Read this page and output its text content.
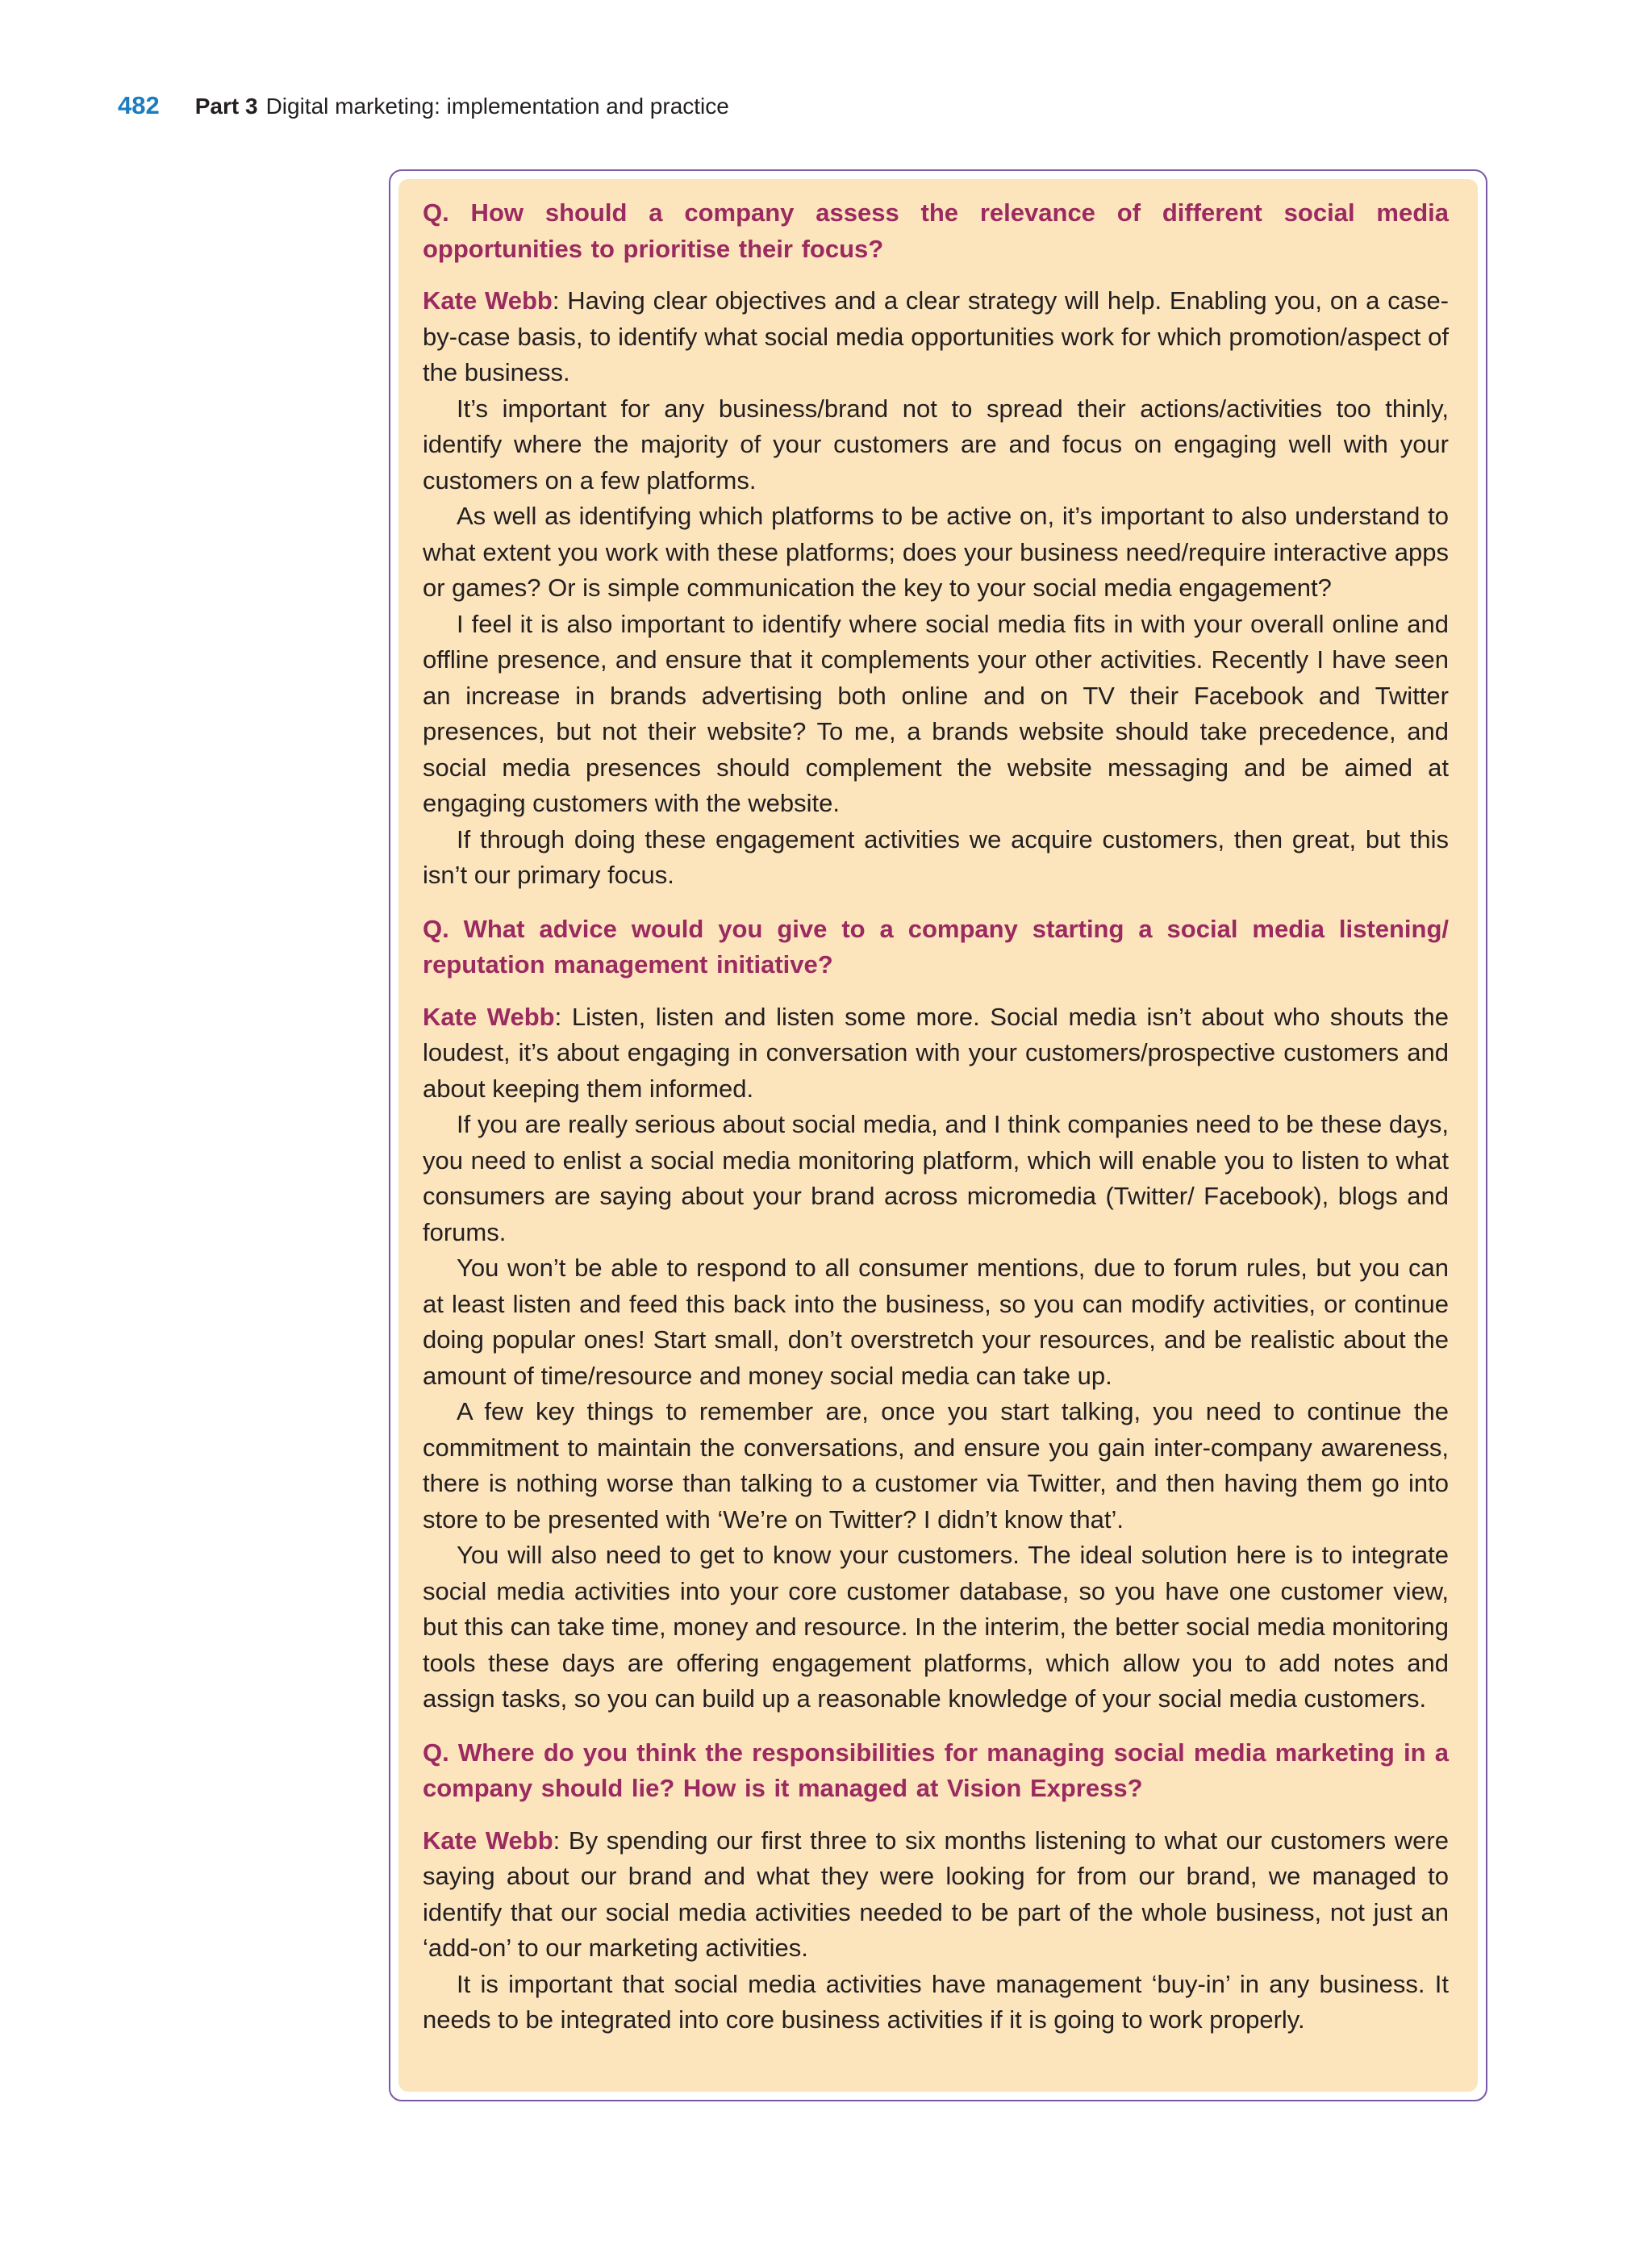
482 Part 3 Digital marketing: implementation and practice

Q. How should a company assess the relevance of different social media opportunities to prioritise their focus?

Kate Webb: Having clear objectives and a clear strategy will help. Enabling you, on a case-by-case basis, to identify what social media opportunities work for which promotion/aspect of the business.

It’s important for any business/brand not to spread their actions/activities too thinly, identify where the majority of your customers are and focus on engaging well with your customers on a few platforms.

As well as identifying which platforms to be active on, it’s important to also understand to what extent you work with these platforms; does your business need/require interactive apps or games? Or is simple communication the key to your social media engagement?

I feel it is also important to identify where social media fits in with your overall online and offline presence, and ensure that it complements your other activities. Recently I have seen an increase in brands advertising both online and on TV their Facebook and Twitter presences, but not their website? To me, a brands website should take precedence, and social media presences should complement the website messaging and be aimed at engaging customers with the website.

If through doing these engagement activities we acquire customers, then great, but this isn’t our primary focus.

Q. What advice would you give to a company starting a social media listening/ reputation management initiative?

Kate Webb: Listen, listen and listen some more. Social media isn’t about who shouts the loudest, it’s about engaging in conversation with your customers/prospective customers and about keeping them informed.

If you are really serious about social media, and I think companies need to be these days, you need to enlist a social media monitoring platform, which will enable you to listen to what consumers are saying about your brand across micromedia (Twitter/ Facebook), blogs and forums.

You won’t be able to respond to all consumer mentions, due to forum rules, but you can at least listen and feed this back into the business, so you can modify activities, or continue doing popular ones! Start small, don’t overstretch your resources, and be realistic about the amount of time/resource and money social media can take up.

A few key things to remember are, once you start talking, you need to continue the commitment to maintain the conversations, and ensure you gain inter-company awareness, there is nothing worse than talking to a customer via Twitter, and then having them go into store to be presented with ‘We’re on Twitter? I didn’t know that’.

You will also need to get to know your customers. The ideal solution here is to integrate social media activities into your core customer database, so you have one customer view, but this can take time, money and resource. In the interim, the better social media monitoring tools these days are offering engagement platforms, which allow you to add notes and assign tasks, so you can build up a reasonable knowledge of your social media customers.

Q. Where do you think the responsibilities for managing social media marketing in a company should lie? How is it managed at Vision Express?

Kate Webb: By spending our first three to six months listening to what our customers were saying about our brand and what they were looking for from our brand, we managed to identify that our social media activities needed to be part of the whole business, not just an ‘add-on’ to our marketing activities.

It is important that social media activities have management ‘buy-in’ in any business. It needs to be integrated into core business activities if it is going to work properly.
